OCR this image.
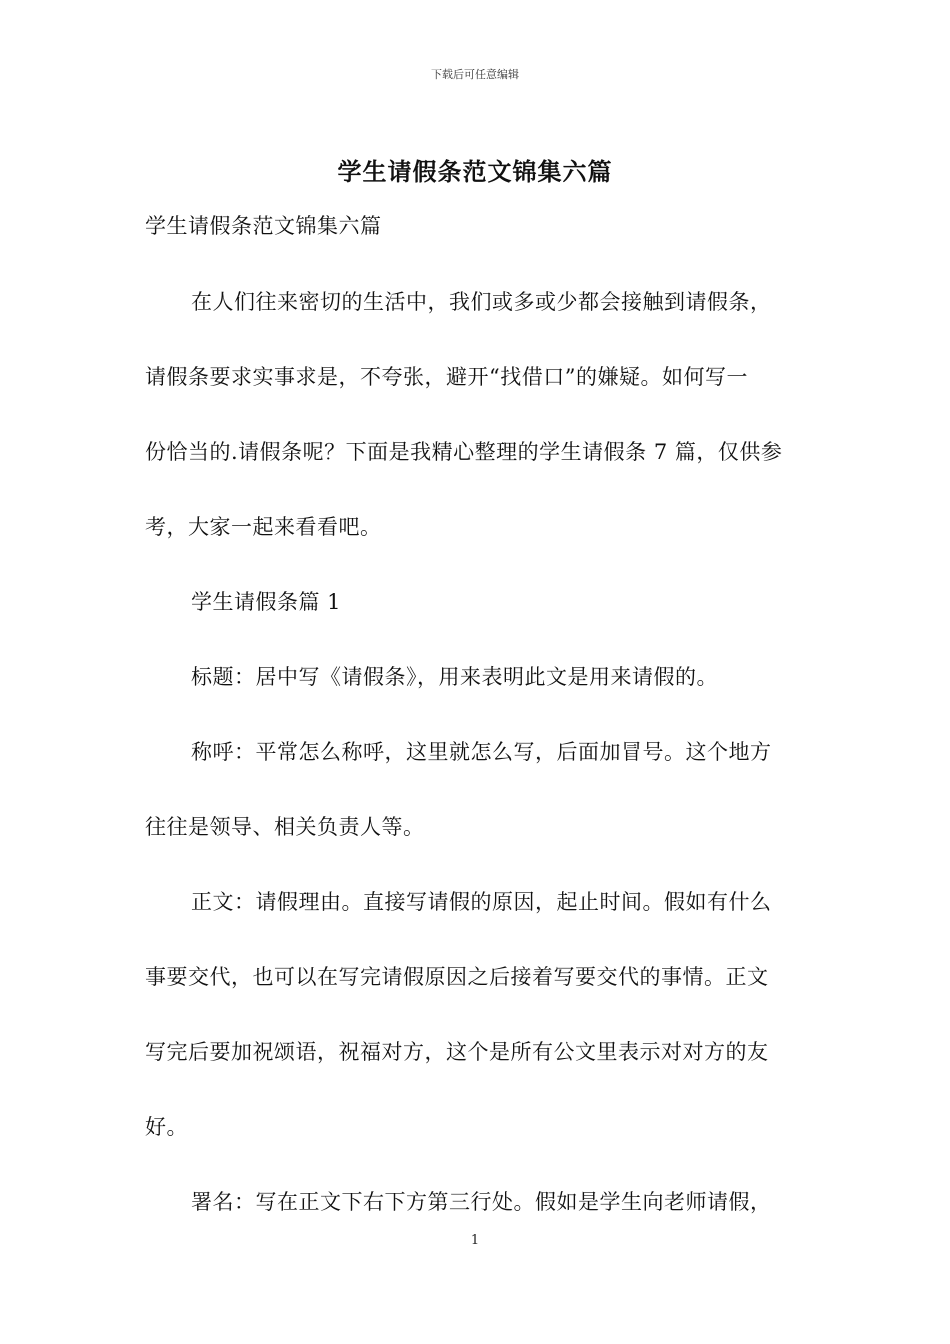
下载后可任意编辑
学生请假条范文锦集六篇
学生请假条范文锦集六篇
在人们往来密切的生活中，我们或多或少都会接触到请假条，
请假条要求实事求是，不夸张，避开“找借口”的嫌疑。如何写一
份恰当的.请假条呢？下面是我精心整理的学生请假条 7 篇，仅供参
考，大家一起来看看吧。
学生请假条篇 1
标题：居中写《请假条》，用来表明此文是用来请假的。
称呼：平常怎么称呼，这里就怎么写，后面加冒号。这个地方
往往是领导、相关负责人等。
正文：请假理由。直接写请假的原因，起止时间。假如有什么
事要交代，也可以在写完请假原因之后接着写要交代的事情。正文
写完后要加祝颂语，祝福对方，这个是所有公文里表示对对方的友
好。
署名：写在正文下右下方第三行处。假如是学生向老师请假，
1
